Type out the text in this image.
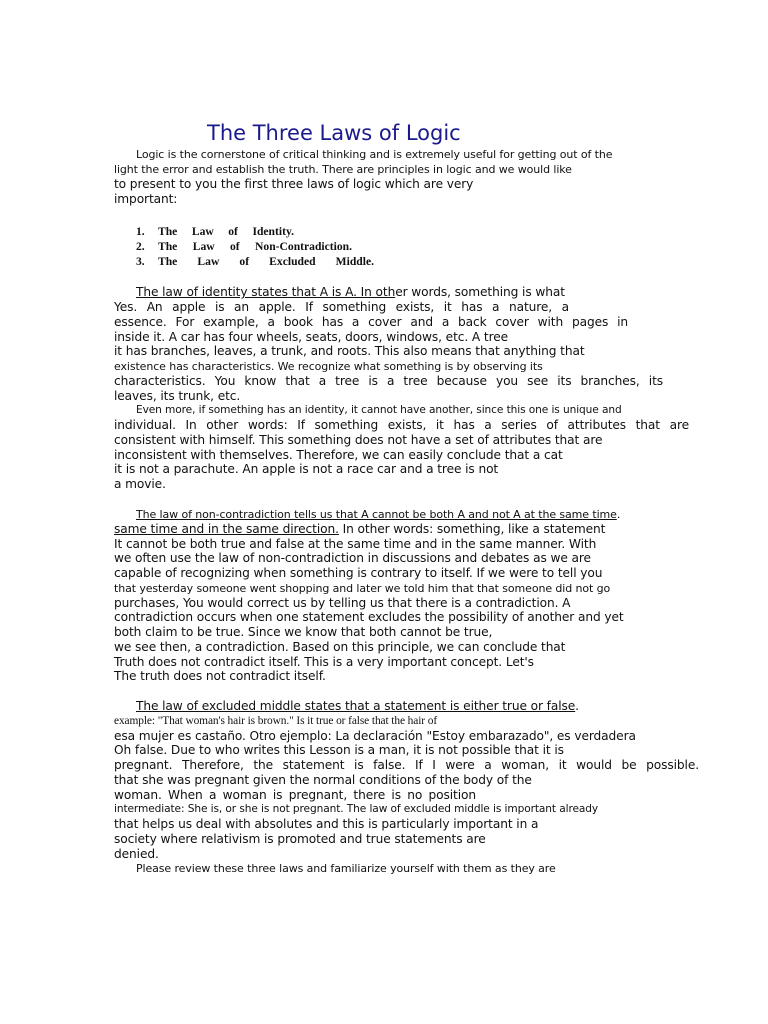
The Three Laws of Logic
Logic is the cornerstone of critical thinking and is extremely useful for getting out of the
light the error and establish the truth. There are principles in logic and we would like
to present to you the first three laws of logic which are very
important:
1.	The Law of Identity.
2.	The Law of Non-Contradiction.
3.	The Law of Excluded Middle.
The law of identity states that A is A. In other words, something is what
Yes. An apple is an apple. If something exists, it has a nature, a
essence. For example, a book has a cover and a back cover with pages in
inside it. A car has four wheels, seats, doors, windows, etc. A tree
it has branches, leaves, a trunk, and roots. This also means that anything that
existence has characteristics. We recognize what something is by observing its
characteristics. You know that a tree is a tree because you see its branches, its
leaves, its trunk, etc.
Even more, if something has an identity, it cannot have another, since this one is unique and
individual. In other words: If something exists, it has a series of attributes that are
consistent with himself. This something does not have a set of attributes that are
inconsistent with themselves. Therefore, we can easily conclude that a cat
it is not a parachute. An apple is not a race car and a tree is not
a movie.
The law of non-contradiction tells us that A cannot be both A and not A at the same time.
same time and in the same direction. In other words: something, like a statement
It cannot be both true and false at the same time and in the same manner. With
we often use the law of non-contradiction in discussions and debates as we are
capable of recognizing when something is contrary to itself. If we were to tell you
that yesterday someone went shopping and later we told him that that someone did not go
purchases, You would correct us by telling us that there is a contradiction. A
contradiction occurs when one statement excludes the possibility of another and yet
both claim to be true. Since we know that both cannot be true,
we see then, a contradiction. Based on this principle, we can conclude that
Truth does not contradict itself. This is a very important concept. Let's
The truth does not contradict itself.
The law of excluded middle states that a statement is either true or false.
example: "That woman's hair is brown." Is it true or false that the hair of
esa mujer es castaño. Otro ejemplo: La declaración "Estoy embarazado", es verdadera
Oh false. Due to who writes this Lesson is a man, it is not possible that it is
pregnant. Therefore, the statement is false. If I were a woman, it would be possible.
that she was pregnant given the normal conditions of the body of the
woman. When a woman is pregnant, there is no position
intermediate: She is, or she is not pregnant. The law of excluded middle is important already
that helps us deal with absolutes and this is particularly important in a
society where relativism is promoted and true statements are
denied.
Please review these three laws and familiarize yourself with them as they are
